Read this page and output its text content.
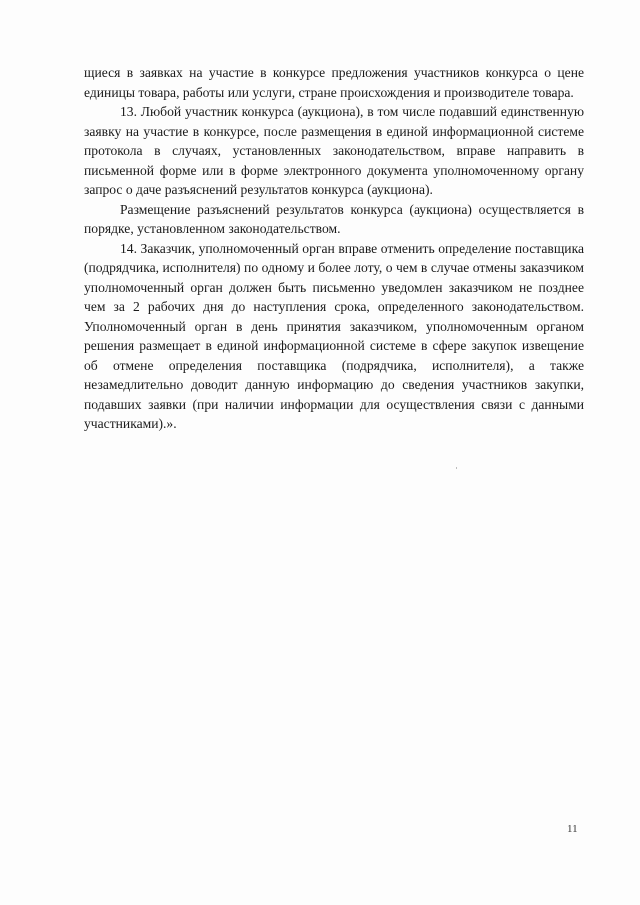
щиеся в заявках на участие в конкурсе предложения участников конкурса о цене единицы товара, работы или услуги, стране происхождения и производителе товара.

13. Любой участник конкурса (аукциона), в том числе подавший единственную заявку на участие в конкурсе, после размещения в единой информационной системе протокола в случаях, установленных законодательством, вправе направить в письменной форме или в форме электронного документа уполномоченному органу запрос о даче разъяснений результатов конкурса (аукциона).

Размещение разъяснений результатов конкурса (аукциона) осуществляется в порядке, установленном законодательством.

14. Заказчик, уполномоченный орган вправе отменить определение поставщика (подрядчика, исполнителя) по одному и более лоту, о чем в случае отмены заказчиком уполномоченный орган должен быть письменно уведомлен заказчиком не позднее чем за 2 рабочих дня до наступления срока, определенного законодательством. Уполномоченный орган в день принятия заказчиком, уполномоченным органом решения размещает в единой информационной системе в сфере закупок извещение об отмене определения поставщика (подрядчика, исполнителя), а также незамедлительно доводит данную информацию до сведения участников закупки, подавших заявки (при наличии информации для осуществления связи с данными участниками).».

11
